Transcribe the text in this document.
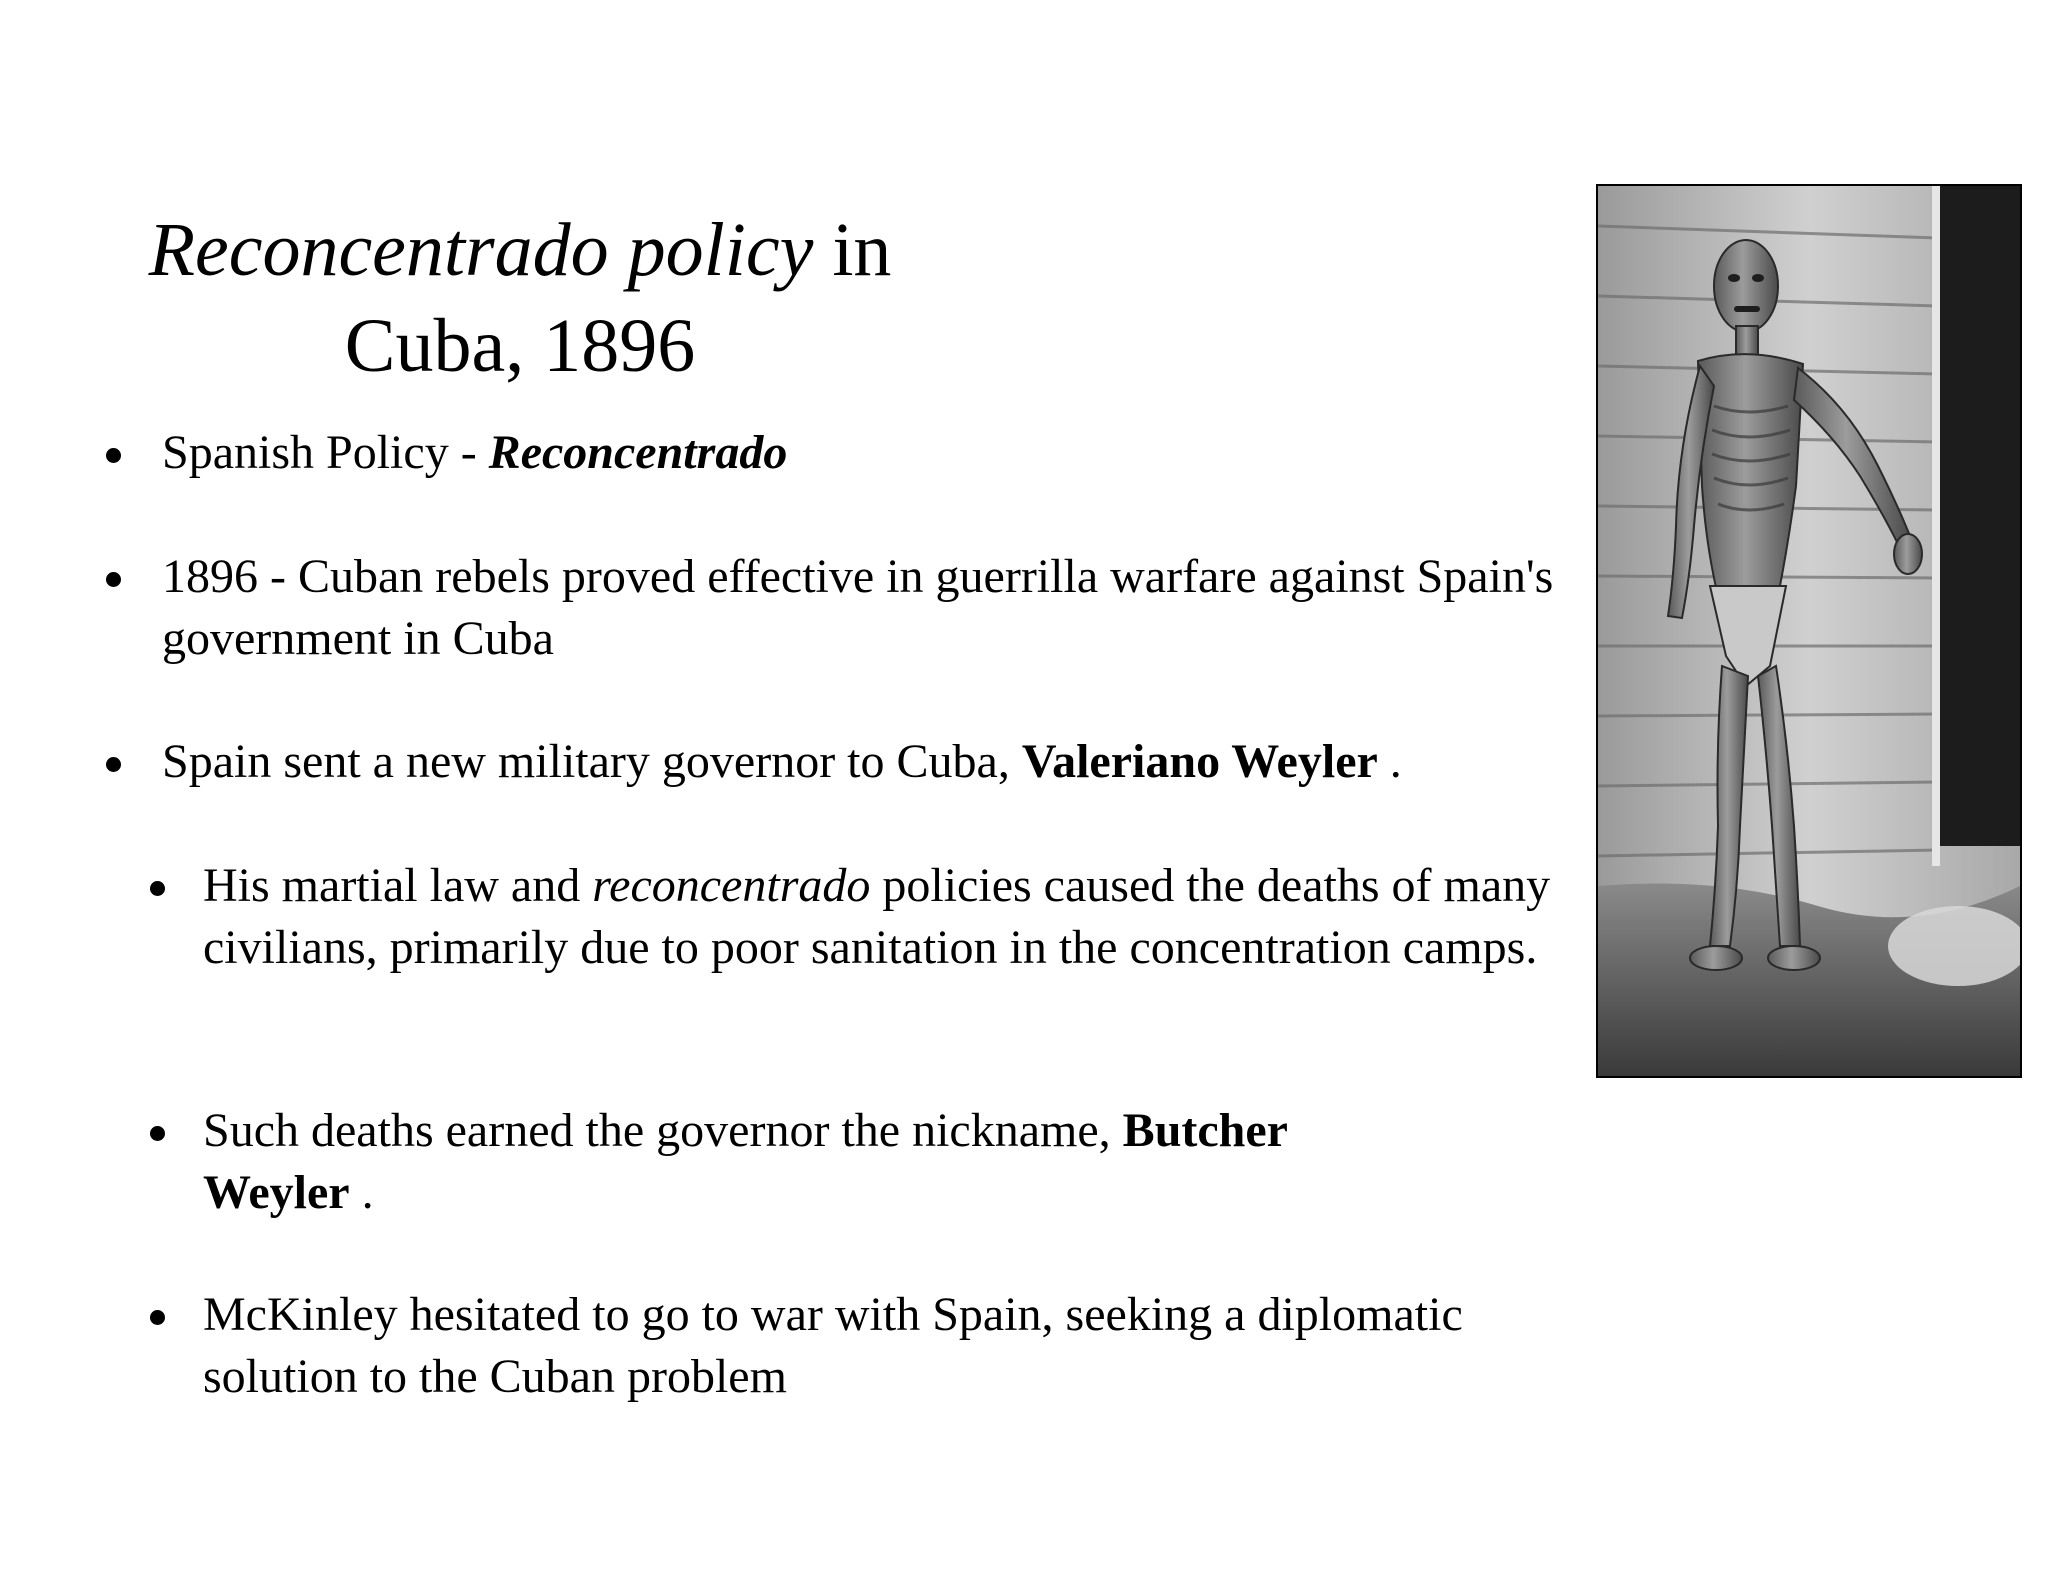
Reconcentrado policy in
Cuba, 1896
Spanish Policy - Reconcentrado
1896 - Cuban rebels proved effective in guerrilla warfare against Spain's government in Cuba
Spain sent a new military governor to Cuba, Valeriano Weyler .
His martial law and reconcentrado policies caused the deaths of many civilians, primarily due to poor sanitation in the concentration camps.
Such deaths earned the governor the nickname, Butcher Weyler .
McKinley hesitated to go to war with Spain, seeking a diplomatic solution to the Cuban problem
